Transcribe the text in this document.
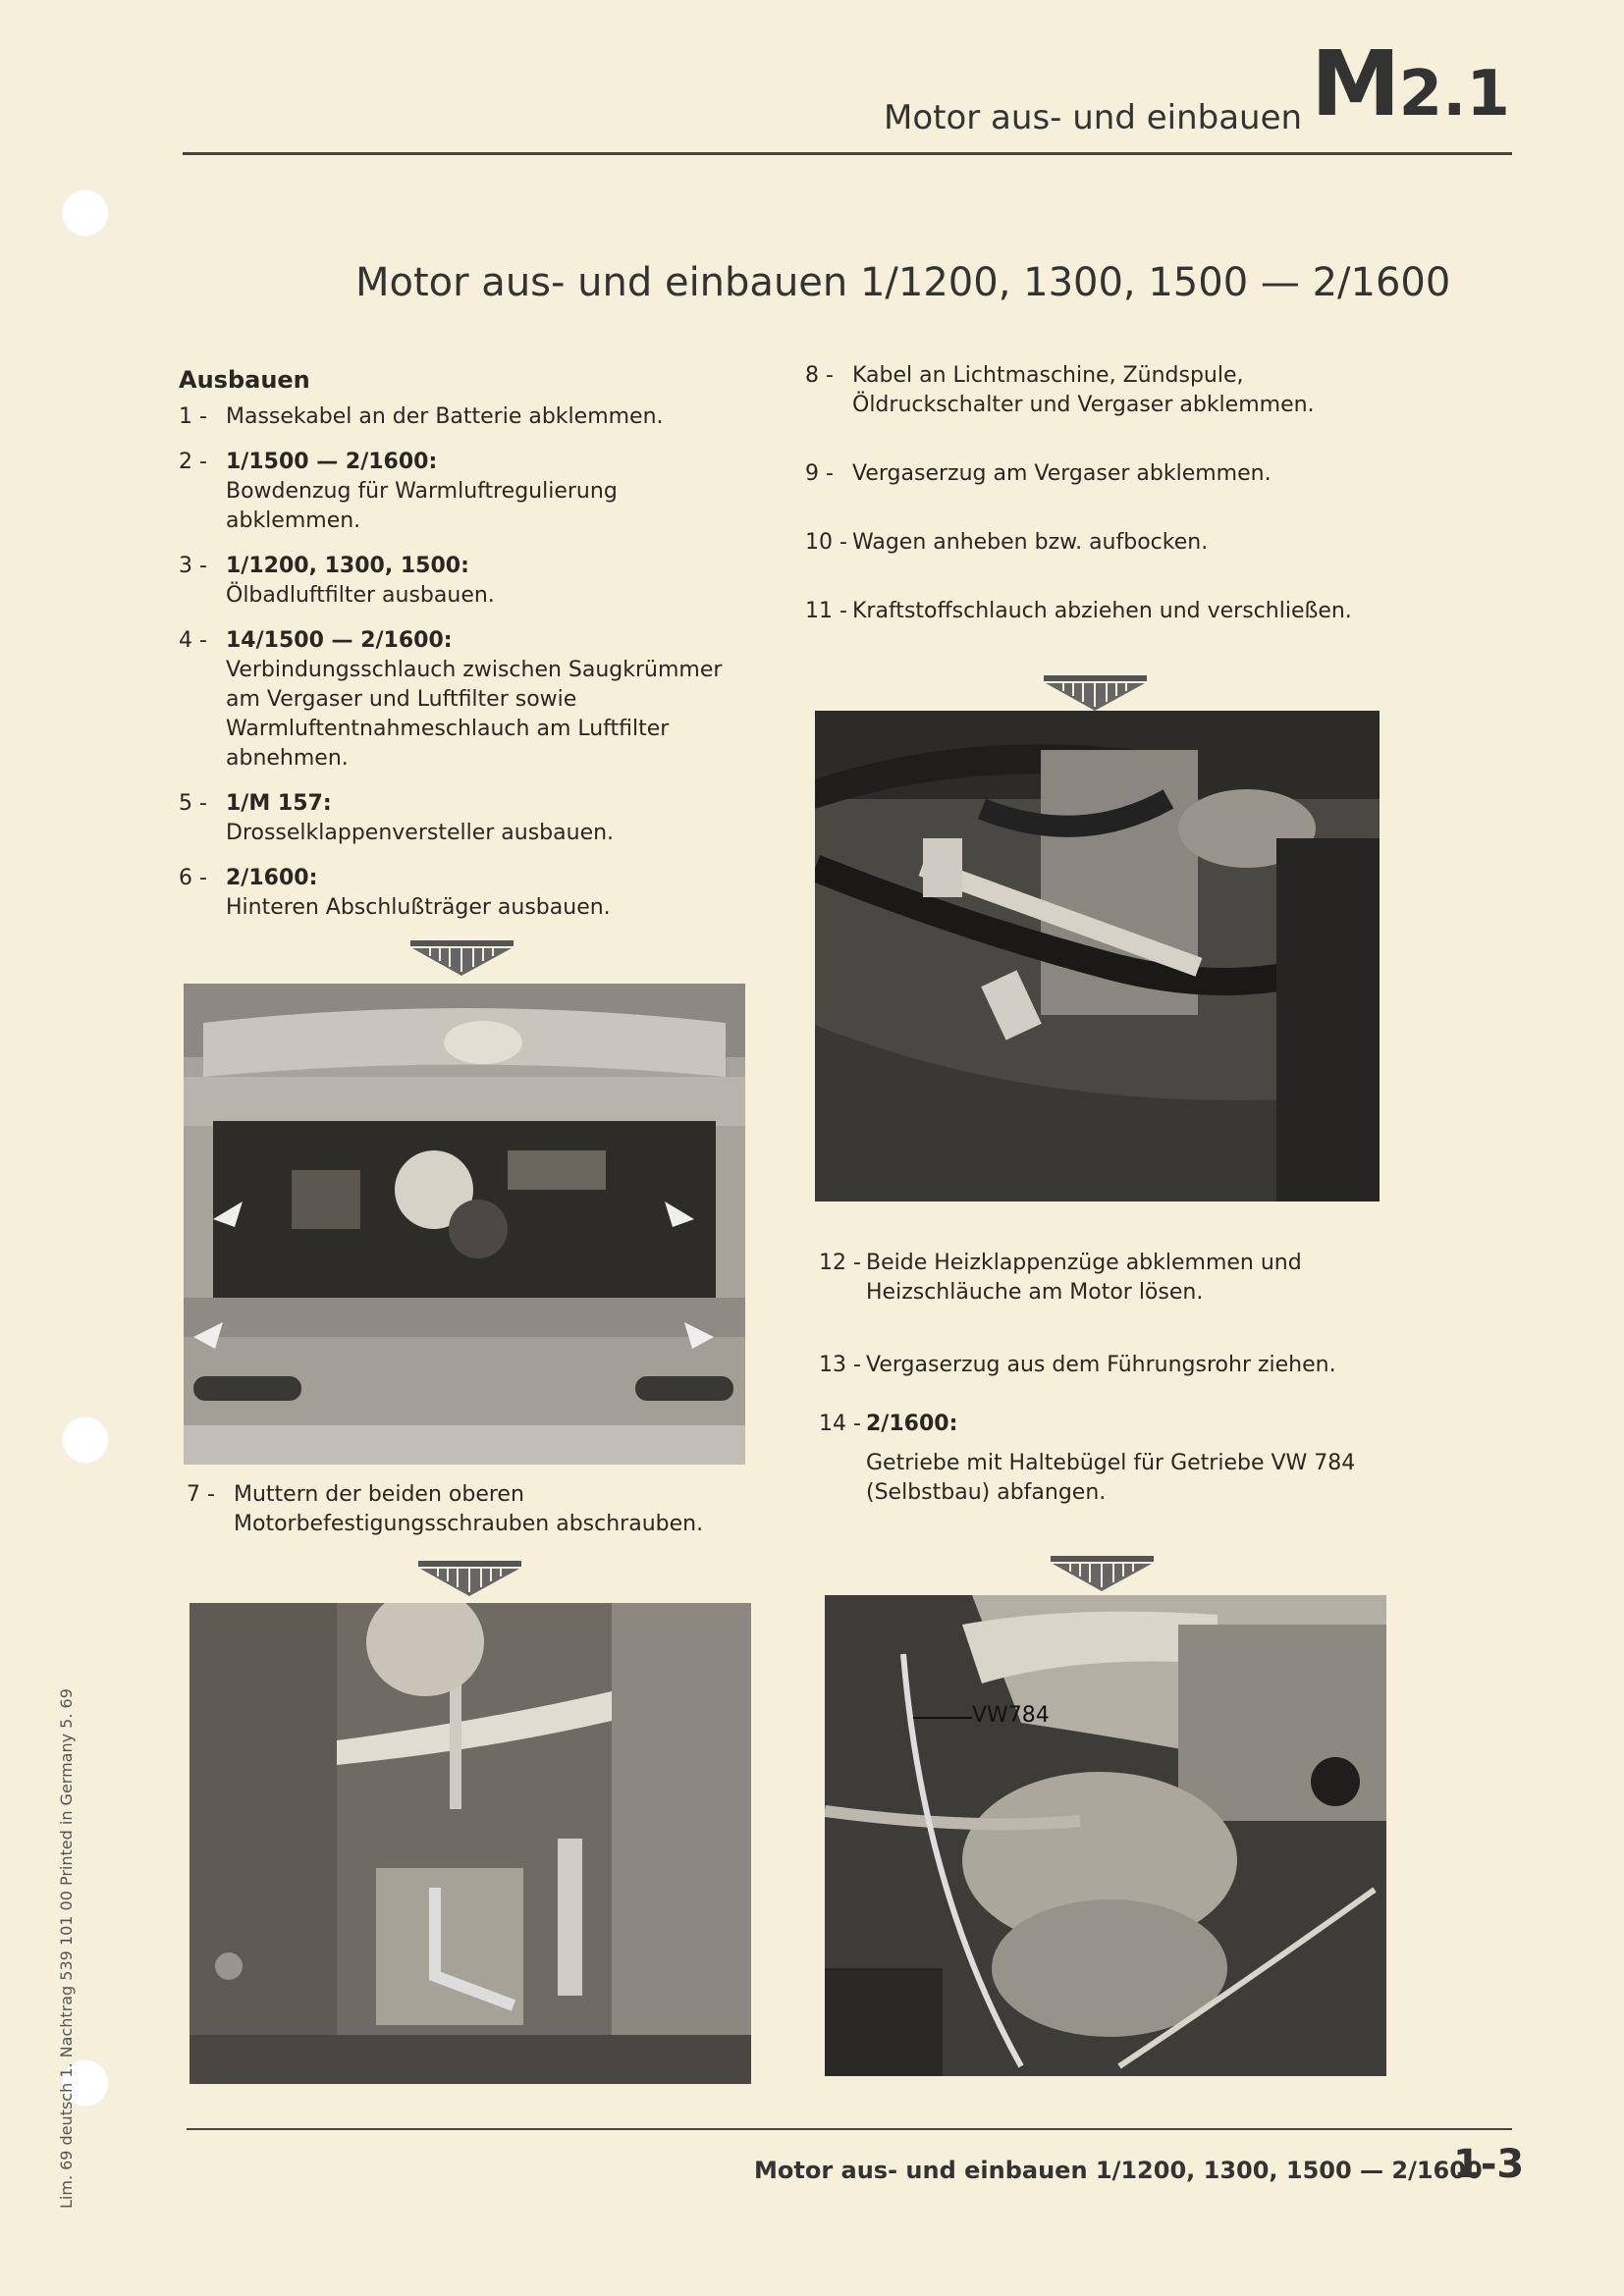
Motor aus- und einbauen M2.1
Motor aus- und einbauen 1/1200, 1300, 1500 — 2/1600
Ausbauen
1 - Massekabel an der Batterie abklemmen.
2 - 1/1500 — 2/1600:
Bowdenzug für Warmluftregulierung abklemmen.
3 - 1/1200, 1300, 1500:
Ölbadluftfilter ausbauen.
4 - 14/1500 — 2/1600:
Verbindungsschlauch zwischen Saugkrümmer am Vergaser und Luftfilter sowie Warmluftentnahmeschlauch am Luftfilter abnehmen.
5 - 1/M 157:
Drosselklappenversteller ausbauen.
6 - 2/1600:
Hinteren Abschlußträger ausbauen.
7 - Muttern der beiden oberen Motorbefestigungsschrauben abschrauben.
8 - Kabel an Lichtmaschine, Zündspule, Öldruckschalter und Vergaser abklemmen.
9 - Vergaserzug am Vergaser abklemmen.
10 - Wagen anheben bzw. aufbocken.
11 - Kraftstoffschlauch abziehen und verschließen.
12 - Beide Heizklappenzüge abklemmen und Heizschläuche am Motor lösen.
13 - Vergaserzug aus dem Führungsrohr ziehen.
14 - 2/1600:
Getriebe mit Haltebügel für Getriebe VW 784 (Selbstbau) abfangen.
VW784
Lim. 69 deutsch 1. Nachtrag 539 101 00 Printed in Germany 5. 69	Motor aus- und einbauen 1/1200, 1300, 1500 — 2/1600
1-3
